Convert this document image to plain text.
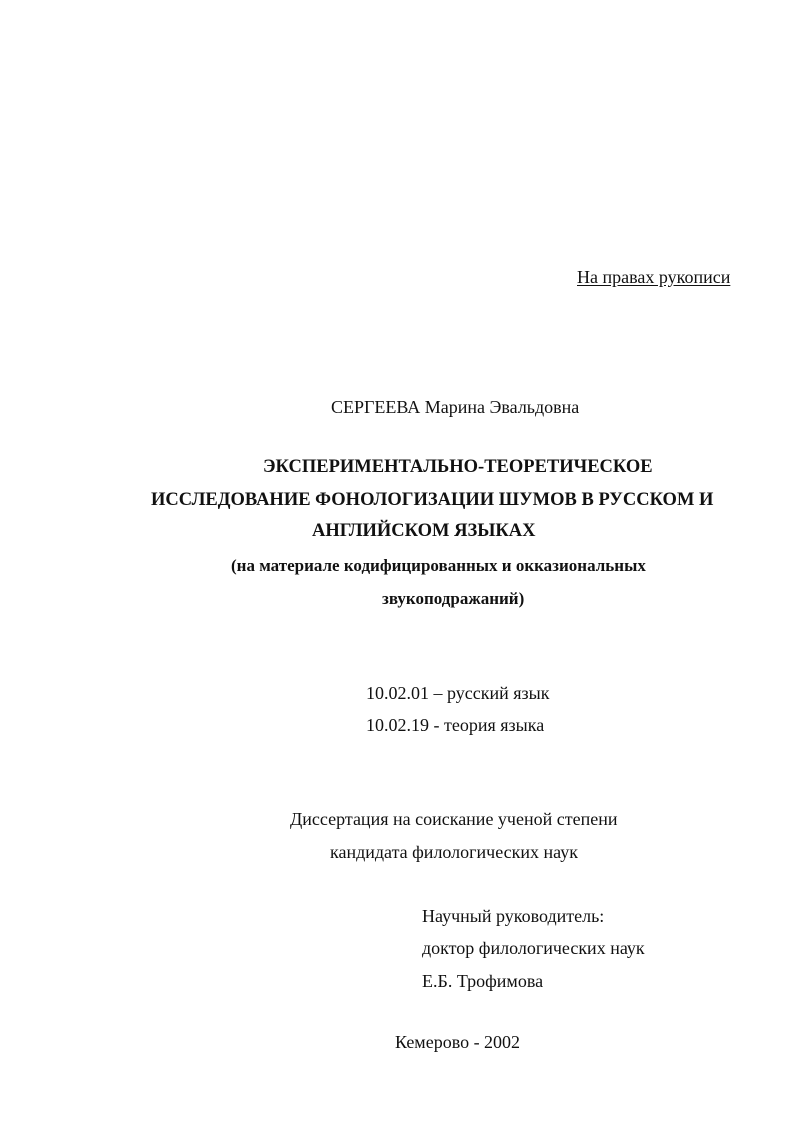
На правах рукописи
СЕРГЕЕВА Марина Эвальдовна
ЭКСПЕРИМЕНТАЛЬНО-ТЕОРЕТИЧЕСКОЕ
ИССЛЕДОВАНИЕ ФОНОЛОГИЗАЦИИ ШУМОВ В РУССКОМ И
АНГЛИЙСКОМ ЯЗЫКАХ
(на материале кодифицированных и окказиональных
звукоподражаний)
10.02.01 – русский язык
10.02.19 - теория языка
Диссертация на соискание ученой степени
кандидата филологических наук
Научный руководитель:
доктор филологических наук
Е.Б. Трофимова
Кемерово - 2002
